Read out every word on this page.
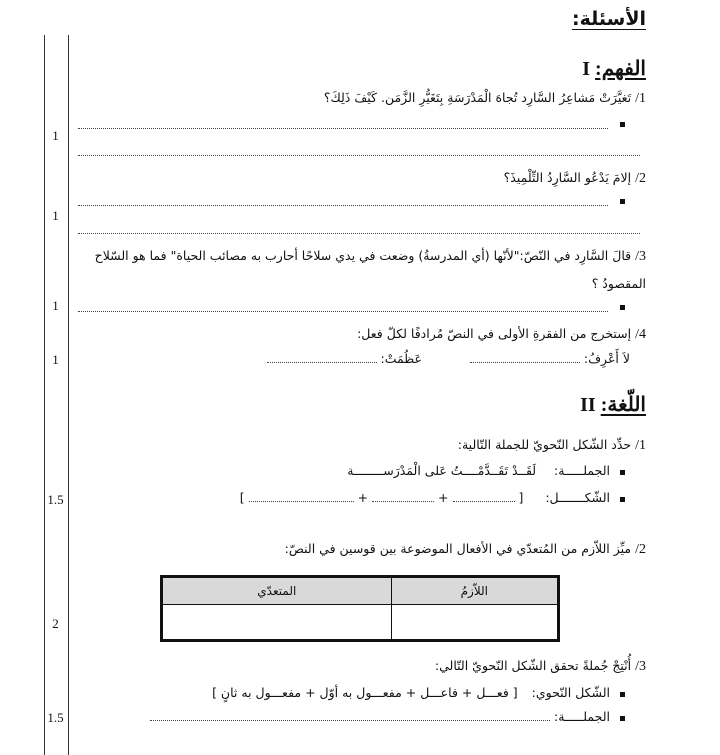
الأسئلة:
1
1
1
1
1.5
2
1.5
الفهم: I
1/ تَغيَّرَتْ مَشاعِرُ السَّارِد تُجاهَ الْمَدْرَسَةِ بِتَغَيُّرِ الزَّمَن. كَيْفَ ذَلِكَ؟
2/ إلامَ يَدْعُو السَّارِدُ التِّلْمِيذَ؟
3/ قالَ السَّارِد في النّصّ:"لأنّها (أي المدرسةُ) وضعت في يدي سلاحًا أحارب به مصائب الحياة" فما هو السّلاح
المقصودُ ؟
4/ إستخرج من الفقرةِ الأولى في النصّ مُرادفًا لكلّ فعل:
لاَ أَعْرِفُ:   عَظُمَتْ:
اللّغة: II
1/ حدِّد الشّكل النّحويّ للجملة التّالية:
الجملـــــة:  لَقَــدْ تَقَــدَّمْــــتُ عَلى الْمَدْرَســــــــة
الشّكـــــــل:  [  +  +  ]
2/ ميِّز اللاّزم من المُتعدّي في الأفعال الموضوعة بين قوسين في النصّ:
اللاّزمُ	المتعدّي

3/ أُنْتِجْ جُملةً تحقق الشّكل النّحويّ التّالي:
الشّكل النّحوي:  [ فعـــل + فاعـــل + مفعـــول به أوّل + مفعـــول به ثانٍ ]
الجملـــــة:
